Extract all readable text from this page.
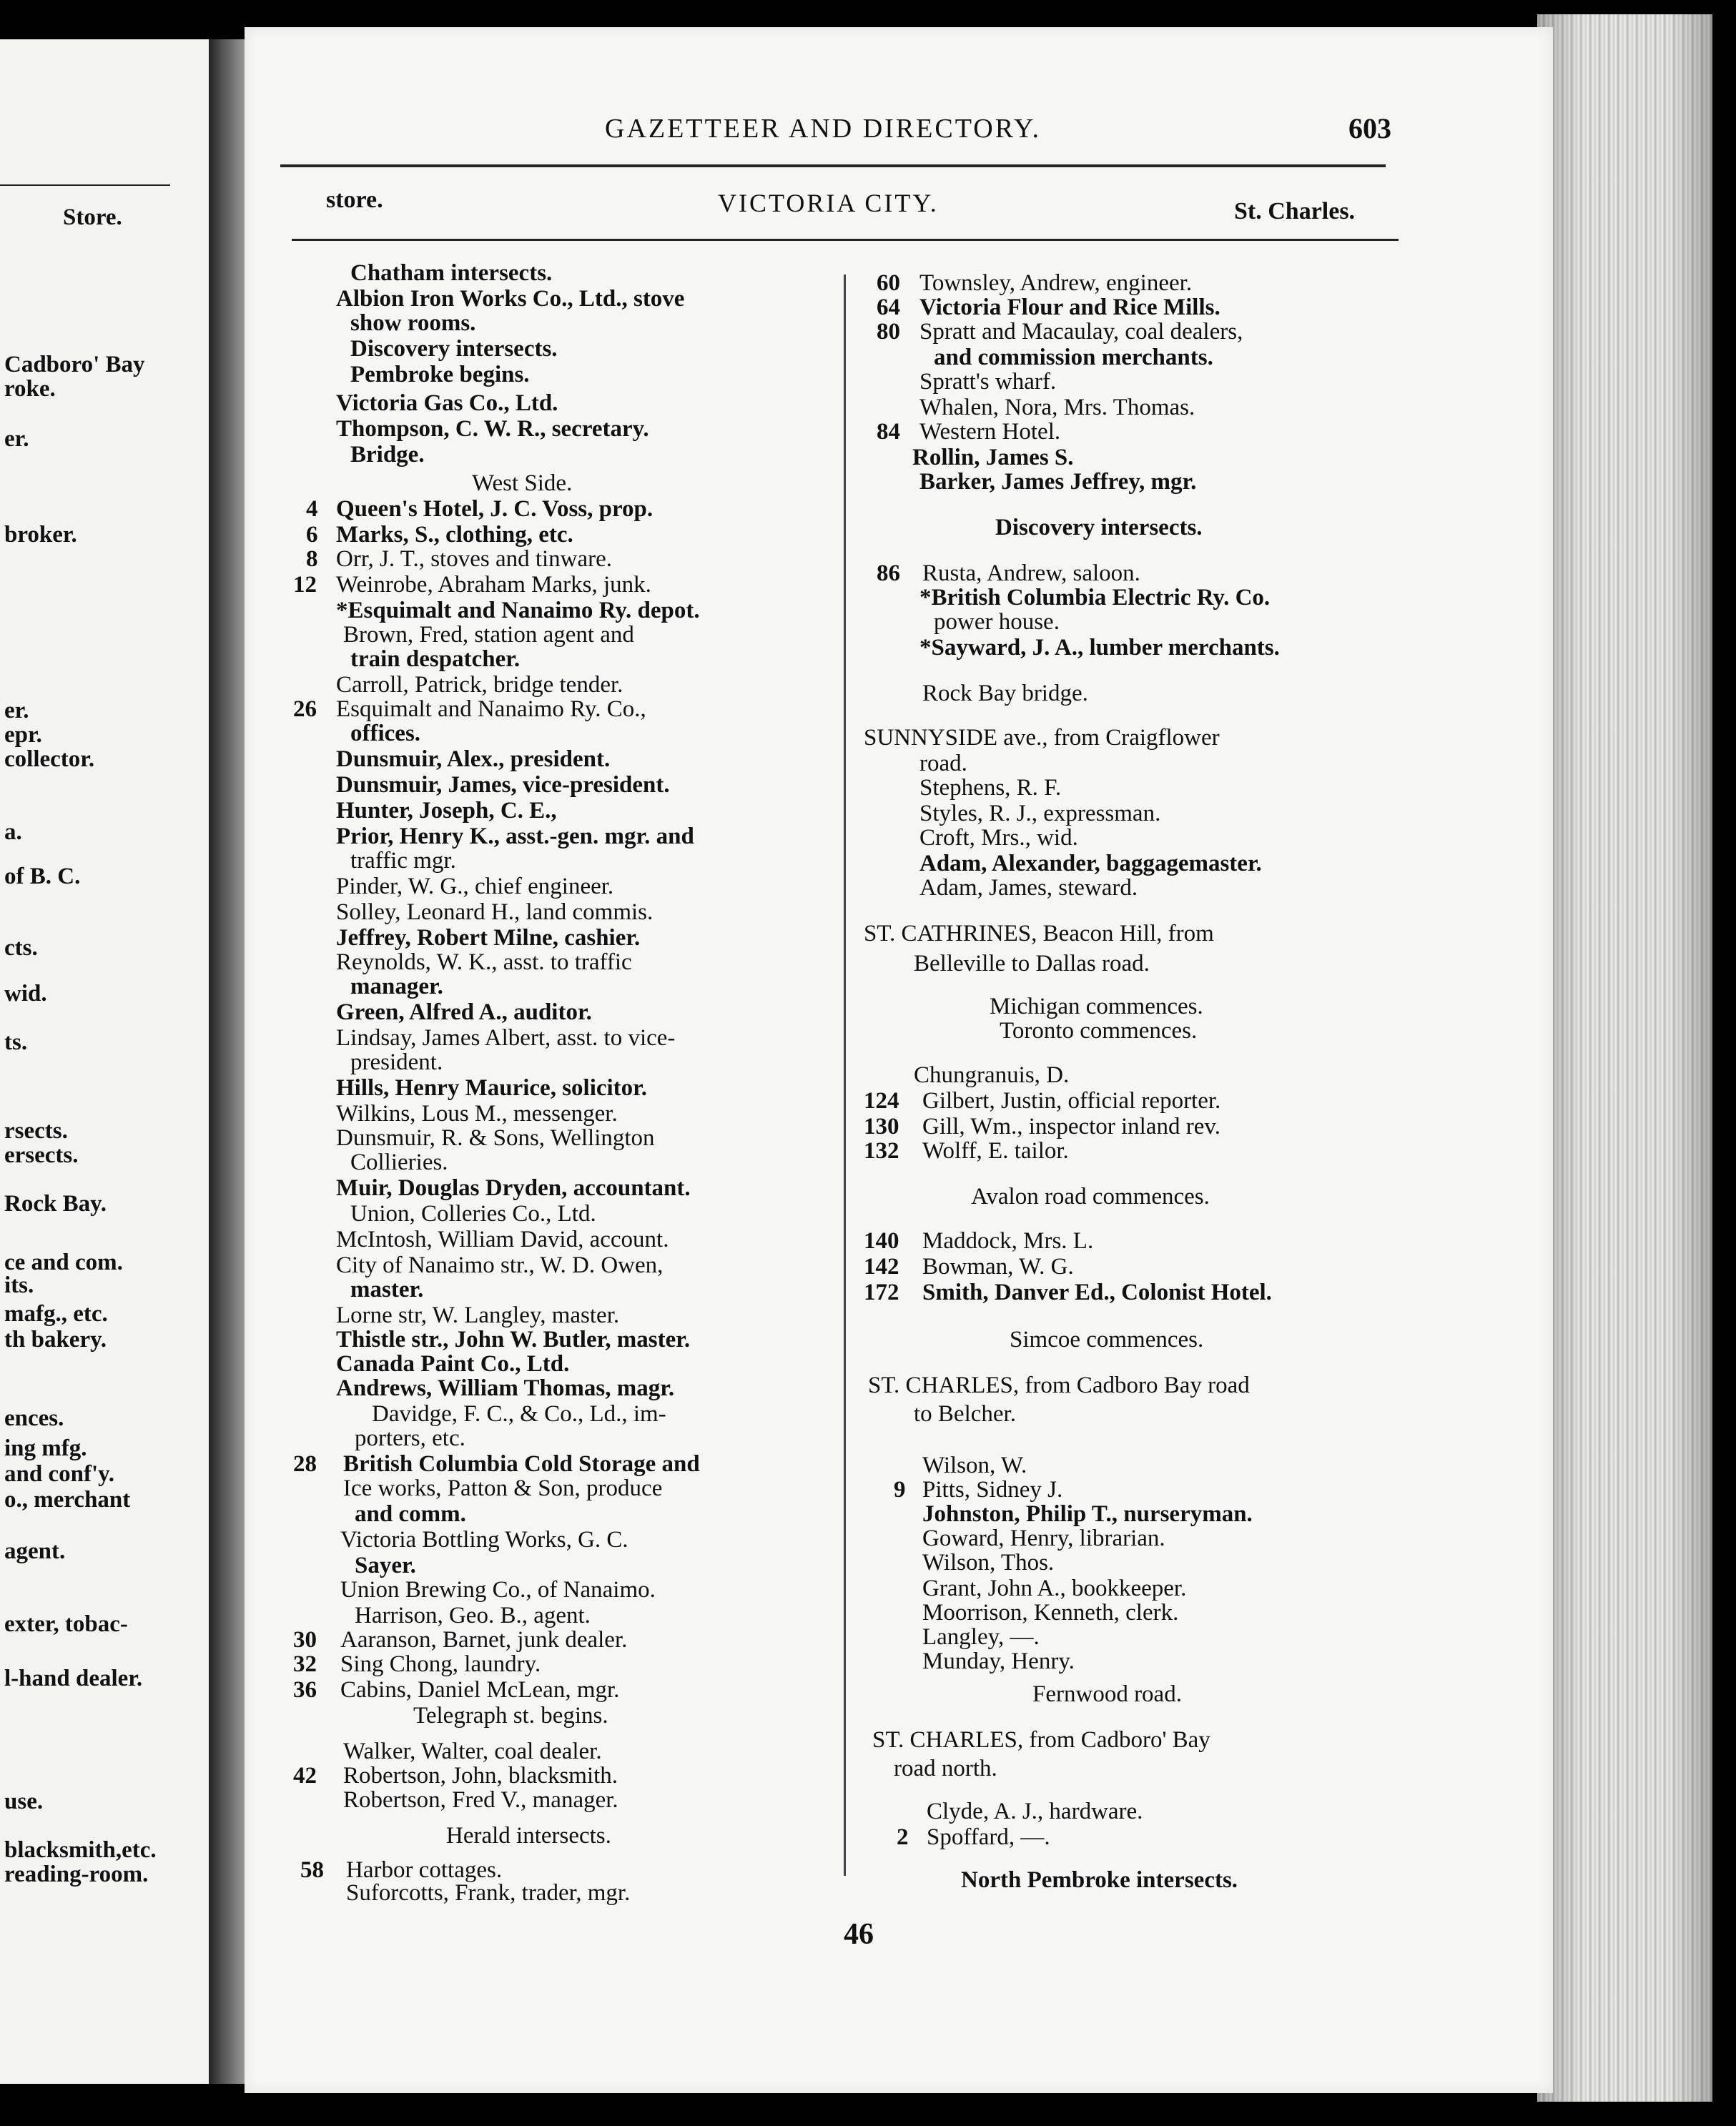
Store.
Cadboro' Bay
roke.
er.
broker.
er.
epr.
collector.
a.
of B. C.
cts.
wid.
ts.
rsects.
ersects.
Rock Bay.
ce and com.
its.
mafg., etc.
th bakery.
ences.
ing mfg.
and conf'y.
o., merchant
agent.
exter, tobac-
l-hand dealer.
use.
blacksmith,etc.
reading-room.
GAZETTEER AND DIRECTORY.	603
store.	VICTORIA CITY.	St. Charles.
Chatham intersects.
Albion Iron Works Co., Ltd., stove
show rooms.
Discovery intersects.
Pembroke begins.
Victoria Gas Co., Ltd.
Thompson, C. W. R., secretary.
Bridge.
West Side.
4 Queen's Hotel, J. C. Voss, prop.
6 Marks, S., clothing, etc.
8 Orr, J. T., stoves and tinware.
12 Weinrobe, Abraham Marks, junk.
*Esquimalt and Nanaimo Ry. depot.
Brown, Fred, station agent and
train despatcher.
Carroll, Patrick, bridge tender.
26 Esquimalt and Nanaimo Ry. Co.,
offices.
Dunsmuir, Alex., president.
Dunsmuir, James, vice-president.
Hunter, Joseph, C. E.,
Prior, Henry K., asst.-gen. mgr. and
traffic mgr.
Pinder, W. G., chief engineer.
Solley, Leonard H., land commis.
Jeffrey, Robert Milne, cashier.
Reynolds, W. K., asst. to traffic
manager.
Green, Alfred A., auditor.
Lindsay, James Albert, asst. to vice-
president.
Hills, Henry Maurice, solicitor.
Wilkins, Lous M., messenger.
Dunsmuir, R. & Sons, Wellington
Collieries.
Muir, Douglas Dryden, accountant.
Union, Colleries Co., Ltd.
McIntosh, William David, account.
City of Nanaimo str., W. D. Owen,
master.
Lorne str, W. Langley, master.
Thistle str., John W. Butler, master.
Canada Paint Co., Ltd.
Andrews, William Thomas, magr.
Davidge, F. C., & Co., Ld., im-
porters, etc.
28 British Columbia Cold Storage and
Ice works, Patton & Son, produce
and comm.
Victoria Bottling Works, G. C.
Sayer.
Union Brewing Co., of Nanaimo.
Harrison, Geo. B., agent.
30 Aaranson, Barnet, junk dealer.
32 Sing Chong, laundry.
36 Cabins, Daniel McLean, mgr.
Telegraph st. begins.
Walker, Walter, coal dealer.
42 Robertson, John, blacksmith.
Robertson, Fred V., manager.
Herald intersects.
58 Harbor cottages.
Suforcotts, Frank, trader, mgr.
60 Townsley, Andrew, engineer.
64 Victoria Flour and Rice Mills.
80 Spratt and Macaulay, coal dealers,
and commission merchants.
Spratt's wharf.
Whalen, Nora, Mrs. Thomas.
84 Western Hotel.
Rollin, James S.
Barker, James Jeffrey, mgr.
Discovery intersects.
86 Rusta, Andrew, saloon.
*British Columbia Electric Ry. Co.
power house.
*Sayward, J. A., lumber merchants.
Rock Bay bridge.
SUNNYSIDE ave., from Craigflower
road.
Stephens, R. F.
Styles, R. J., expressman.
Croft, Mrs., wid.
Adam, Alexander, baggagemaster.
Adam, James, steward.
ST. CATHRINES, Beacon Hill, from
Belleville to Dallas road.
Michigan commences.
Toronto commences.
Chungranuis, D.
124 Gilbert, Justin, official reporter.
130 Gill, Wm., inspector inland rev.
132 Wolff, E. tailor.
Avalon road commences.
140 Maddock, Mrs. L.
142 Bowman, W. G.
172 Smith, Danver Ed., Colonist Hotel.
Simcoe commences.
ST. CHARLES, from Cadboro Bay road
to Belcher.
Wilson, W.
9 Pitts, Sidney J.
Johnston, Philip T., nurseryman.
Goward, Henry, librarian.
Wilson, Thos.
Grant, John A., bookkeeper.
Moorrison, Kenneth, clerk.
Langley, —.
Munday, Henry.
Fernwood road.
ST. CHARLES, from Cadboro' Bay
road north.
Clyde, A. J., hardware.
2 Spoffard, —.
North Pembroke intersects.
46
